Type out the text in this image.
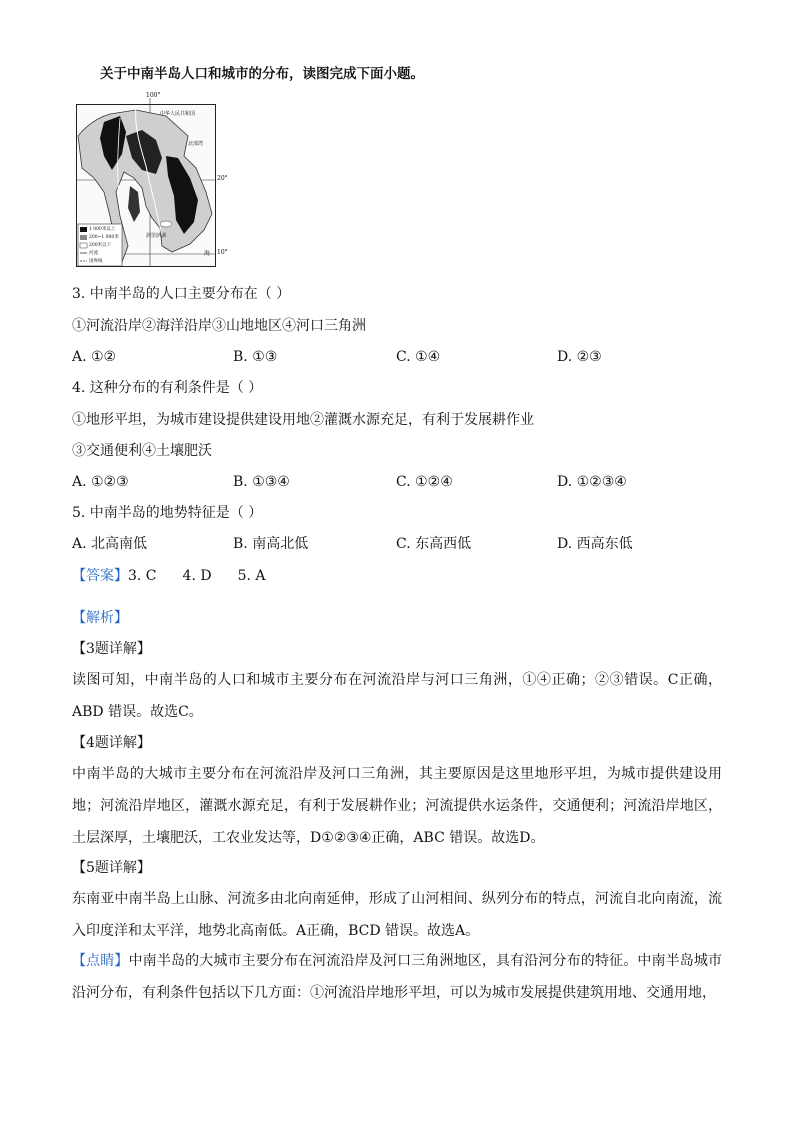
关于中南半岛人口和城市的分布，读图完成下面小题。
100°
20°
10°
中华人民共和国
北部湾
洞里萨湖
海
1 000米以上
200~1 000米
200米以下
河流
国界线
3. 中南半岛的人口主要分布在（ ）
①河流沿岸②海洋沿岸③山地地区④河口三角洲
A. ①②	B. ①③	C. ①④	D. ②③
4. 这种分布的有利条件是（ ）
①地形平坦，为城市建设提供建设用地②灌溉水源充足，有利于发展耕作业
③交通便利④土壤肥沃
A. ①②③	B. ①③④	C. ①②④	D. ①②③④
5. 中南半岛的地势特征是（ ）
A. 北高南低	B. 南高北低	C. 东高西低	D. 西高东低
【答案】3. C 4. D 5. A
【解析】
【3题详解】
读图可知，中南半岛的人口和城市主要分布在河流沿岸与河口三角洲，①④正确；②③错误。C正确，ABD 错误。故选C。
【4题详解】
中南半岛的大城市主要分布在河流沿岸及河口三角洲，其主要原因是这里地形平坦，为城市提供建设用地；河流沿岸地区，灌溉水源充足，有利于发展耕作业；河流提供水运条件，交通便利；河流沿岸地区，土层深厚，土壤肥沃，工农业发达等，D①②③④正确，ABC 错误。故选D。
【5题详解】
东南亚中南半岛上山脉、河流多由北向南延伸，形成了山河相间、纵列分布的特点，河流自北向南流，流入印度洋和太平洋，地势北高南低。A正确，BCD 错误。故选A。
【点睛】中南半岛的大城市主要分布在河流沿岸及河口三角洲地区，具有沿河分布的特征。中南半岛城市沿河分布，有利条件包括以下几方面：①河流沿岸地形平坦，可以为城市发展提供建筑用地、交通用地，
